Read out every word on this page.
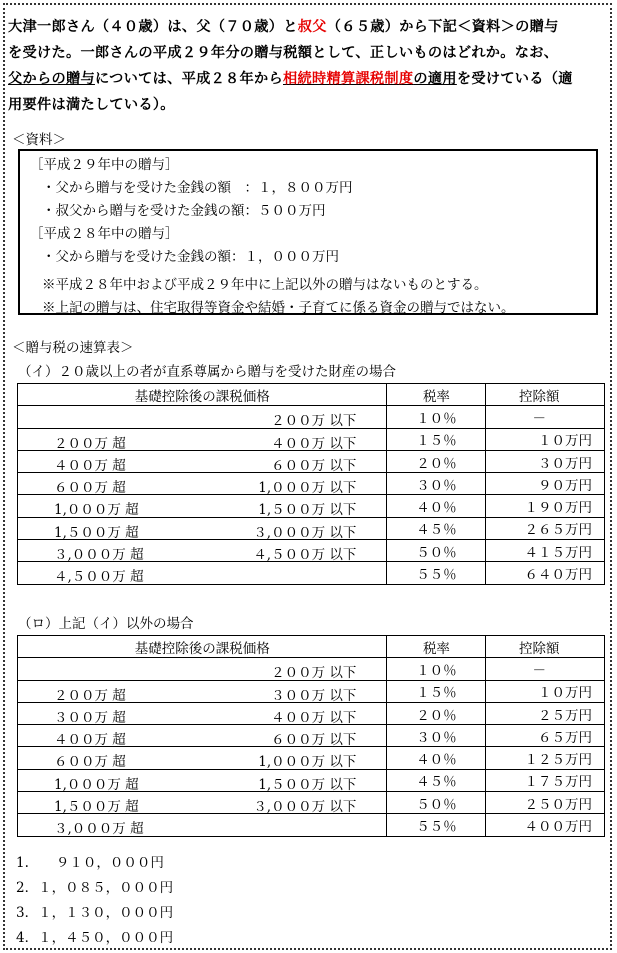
大津一郎さん（４０歳）は、父（７０歳）と叔父（６５歳）から下記＜資料＞の贈与
を受けた。一郎さんの平成２９年分の贈与税額として、正しいものはどれか。なお、
父からの贈与については、平成２８年から相続時精算課税制度の適用を受けている（適
用要件は満たしている）。
＜資料＞
［平成２９年中の贈与］
・父から贈与を受けた金銭の額　：１，８００万円
・叔父から贈与を受けた金銭の額：５００万円
［平成２８年中の贈与］
・父から贈与を受けた金銭の額：１，０００万円
※平成２８年中および平成２９年中に上記以外の贈与はないものとする。
※上記の贈与は、住宅取得等資金や結婚・子育てに係る資金の贈与ではない。
＜贈与税の速算表＞
（イ）２０歳以上の者が直系尊属から贈与を受けた財産の場合
基礎控除後の課税価格	税率	控除額

２００万 以下	１０％	－

２００万 超 ４００万 以下	１５％	１０万円

４００万 超 ６００万 以下	２０％	３０万円

６００万 超 1,０００万 以下	３０％	９０万円

1,０００万 超 1,５００万 以下	４０％	１９０万円

1,５００万 超 ３,０００万 以下	４５％	２６５万円

３,０００万 超 ４,５００万 以下	５０％	４１５万円

４,５００万 超	５５％	６４０万円
（ロ）上記（イ）以外の場合
基礎控除後の課税価格	税率	控除額

２００万 以下	１０％	－

２００万 超 ３００万 以下	１５％	１０万円

３００万 超 ４００万 以下	２０％	２５万円

４００万 超 ６００万 以下	３０％	６５万円

６００万 超 1,０００万 以下	４０％	１２５万円

1,０００万 超 1,５００万 以下	４５％	１７５万円

1,５００万 超 ３,０００万 以下	５０％	２５０万円

３,０００万 超	５５％	４００万円
1.　　９１０，０００円
2．１，０８５，０００円
3．１，１３０，０００円
4．１，４５０，０００円
